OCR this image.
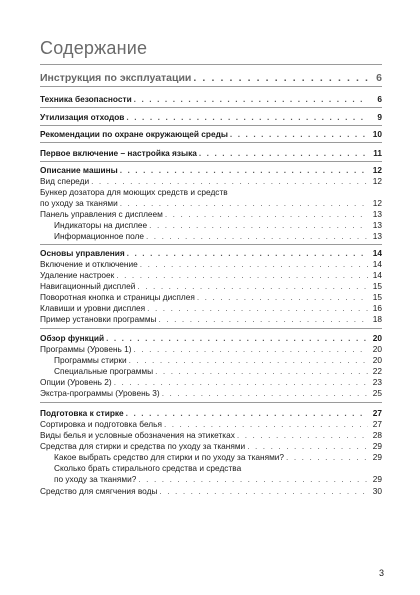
Содержание
Инструкция по эксплуатации . . .	6
Техника безопасности . . .	6
Утилизация отходов . . .	9
Рекомендации по охране окружающей среды . . .	10
Первое включение – настройка языка . . .	11
Описание машины . . .	12
Вид спереди . . .	12
Бункер дозатора для моющих средств и средств
по уходу за тканями . . .	12
Панель управления с дисплеем . . .	13
Индикаторы на дисплее . . .	13
Информационное поле . . .	13
Основы управления . . .	14
Включение и отключение . . .	14
Удаление настроек . . .	14
Навигационный дисплей . . .	15
Поворотная кнопка и страницы дисплея . . .	15
Клавиши и уровни дисплея . . .	16
Пример установки программы . . .	18
Обзор функций . . .	20
Программы (Уровень 1) . . .	20
Программы стирки . . .	20
Специальные программы . . .	22
Опции (Уровень 2) . . .	23
Экстра-программы (Уровень 3) . . .	25
Подготовка к стирке . . .	27
Сортировка и подготовка белья . . .	27
Виды белья и условные обозначения на этикетках . . .	28
Средства для стирки и средства по уходу за тканями . . .	29
Какое выбрать средство для стирки и по уходу за тканями? . . .	29
Сколько брать стирального средства и средства
по уходу за тканями? . . .	29
Средство для смягчения воды . . .	30
3
